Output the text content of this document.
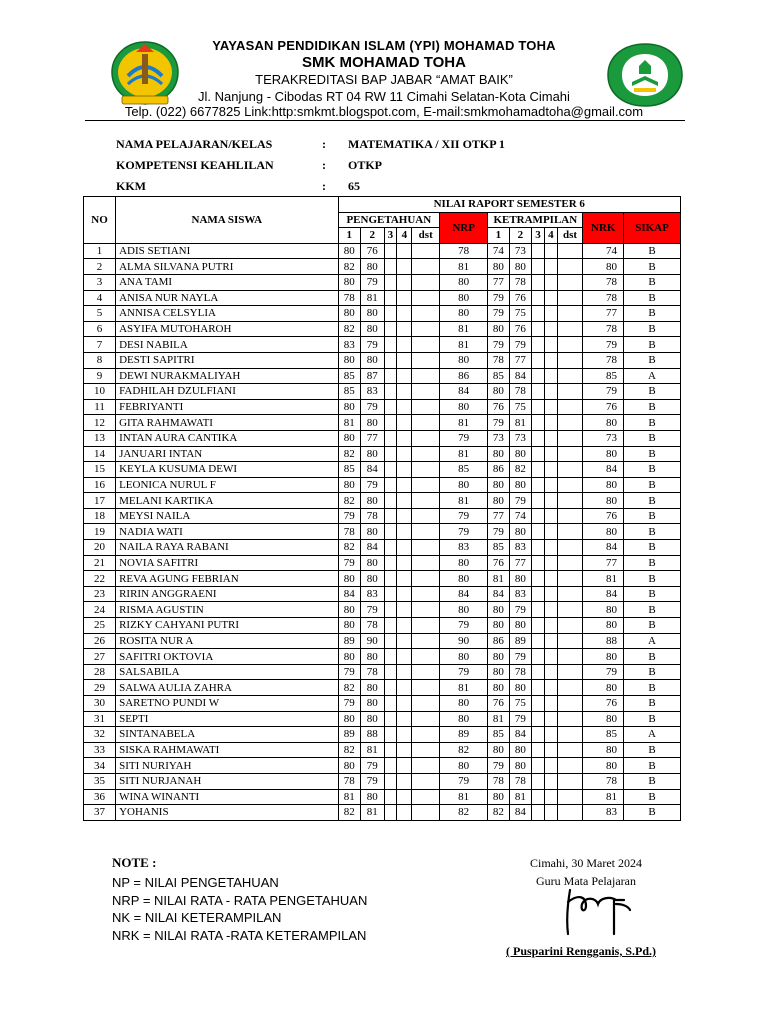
YAYASAN PENDIDIKAN ISLAM (YPI) MOHAMAD TOHA
SMK MOHAMAD TOHA
TERAKREDITASI BAP JABAR “AMAT BAIK”
Jl. Nanjung - Cibodas RT 04 RW 11 Cimahi Selatan-Kota Cimahi
Telp. (022) 6677825 Link:http:smkmt.blogspot.com, E-mail:smkmohamadtoha@gmail.com
NAMA PELAJARAN/KELAS	: MATEMATIKA / XII OTKP 1
KOMPETENSI KEAHLILAN	: OTKP
KKM	: 65
NO	NAMA SISWA	NILAI RAPORT SEMESTER 6												
		PENGETAHUAN					NRP	KETRAMPILAN					NRK	SIKAP
		1	2	3	4	dst		1	2	3	4	dst		
1	ADIS SETIANI	80	76				78	74	73				74	B
2	ALMA SILVANA PUTRI	82	80				81	80	80				80	B
3	ANA TAMI	80	79				80	77	78				78	B
4	ANISA NUR NAYLA	78	81				80	79	76				78	B
5	ANNISA CELSYLIA	80	80				80	79	75				77	B
6	ASYIFA MUTOHAROH	82	80				81	80	76				78	B
7	DESI NABILA	83	79				81	79	79				79	B
8	DESTI SAPITRI	80	80				80	78	77				78	B
9	DEWI NURAKMALIYAH	85	87				86	85	84				85	A
10	FADHILAH DZULFIANI	85	83				84	80	78				79	B
11	FEBRIYANTI	80	79				80	76	75				76	B
12	GITA RAHMAWATI	81	80				81	79	81				80	B
13	INTAN AURA CANTIKA	80	77				79	73	73				73	B
14	JANUARI INTAN	82	80				81	80	80				80	B
15	KEYLA KUSUMA DEWI	85	84				85	86	82				84	B
16	LEONICA NURUL F	80	79				80	80	80				80	B
17	MELANI KARTIKA	82	80				81	80	79				80	B
18	MEYSI NAILA	79	78				79	77	74				76	B
19	NADIA WATI	78	80				79	79	80				80	B
20	NAILA RAYA RABANI	82	84				83	85	83				84	B
21	NOVIA SAFITRI	79	80				80	76	77				77	B
22	REVA AGUNG FEBRIAN	80	80				80	81	80				81	B
23	RIRIN ANGGRAENI	84	83				84	84	83				84	B
24	RISMA AGUSTIN	80	79				80	80	79				80	B
25	RIZKY CAHYANI PUTRI	80	78				79	80	80				80	B
26	ROSITA NUR A	89	90				90	86	89				88	A
27	SAFITRI OKTOVIA	80	80				80	80	79				80	B
28	SALSABILA	79	78				79	80	78				79	B
29	SALWA AULIA ZAHRA	82	80				81	80	80				80	B
30	SARETNO PUNDI W	79	80				80	76	75				76	B
31	SEPTI	80	80				80	81	79				80	B
32	SINTANABELA	89	88				89	85	84				85	A
33	SISKA RAHMAWATI	82	81				82	80	80				80	B
34	SITI NURIYAH	80	79				80	79	80				80	B
35	SITI NURJANAH	78	79				79	78	78				78	B
36	WINA WINANTI	81	80				81	80	81				81	B
37	YOHANIS	82	81				82	82	84				83	B
NOTE :
NP = NILAI PENGETAHUAN
NRP = NILAI RATA - RATA PENGETAHUAN
NK = NILAI KETERAMPILAN
NRK = NILAI RATA -RATA KETERAMPILAN
Cimahi, 30 Maret 2024
Guru Mata Pelajaran
( Pusparini Rengganis, S.Pd.)
